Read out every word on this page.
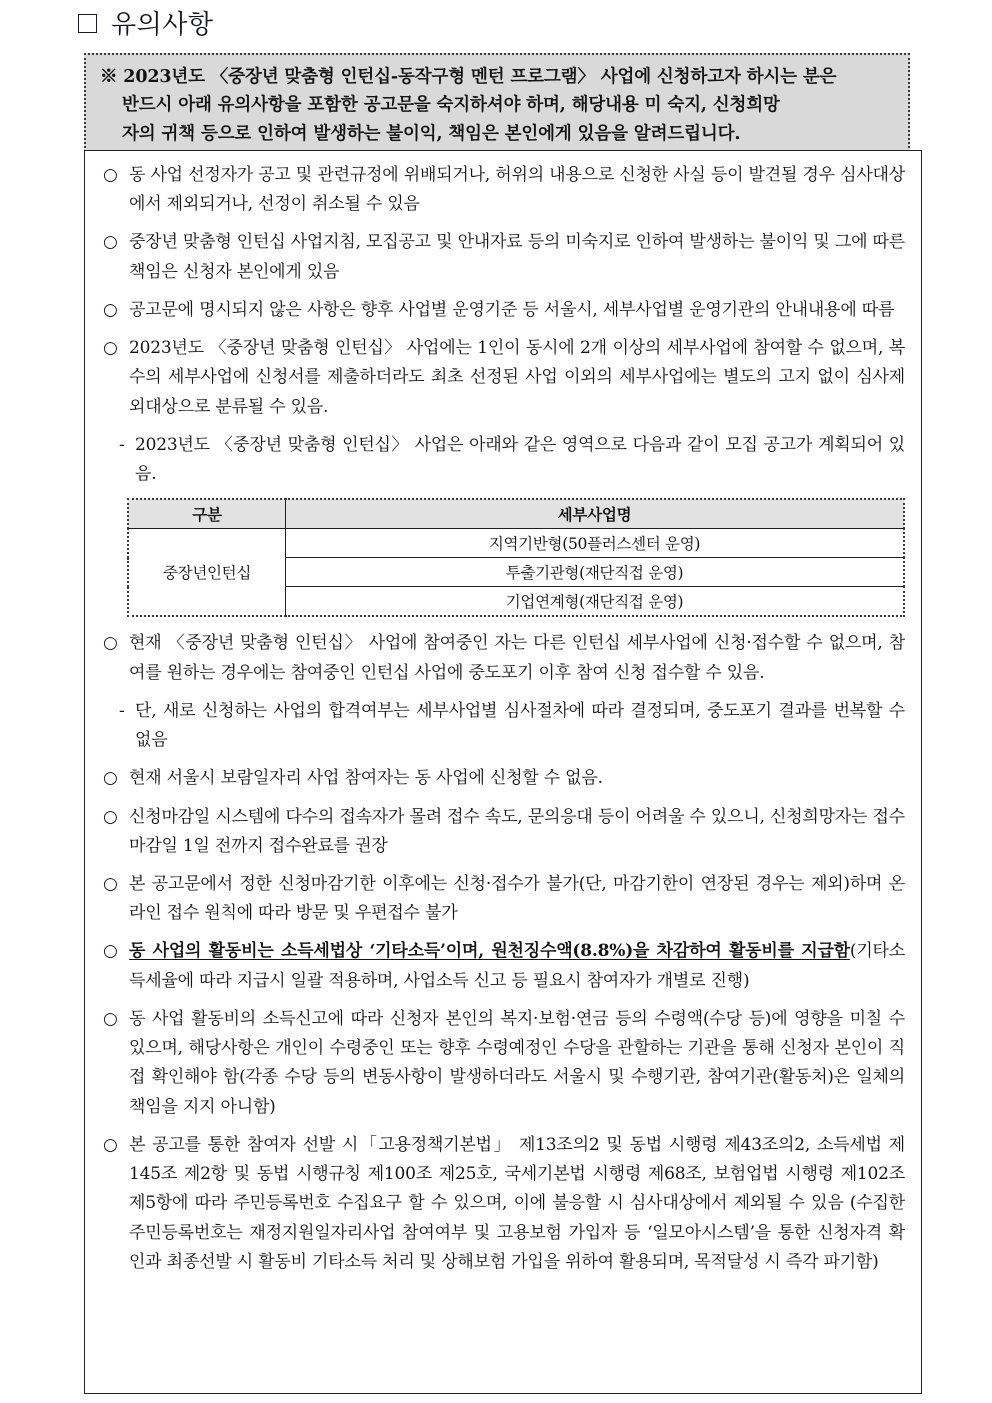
유의사항
※ 2023년도 〈중장년 맞춤형 인턴십-동작구형 멘턴 프로그램〉 사업에 신청하고자 하시는 분은
반드시 아래 유의사항을 포함한 공고문을 숙지하셔야 하며, 해당내용 미 숙지, 신청희망
자의 귀책 등으로 인하여 발생하는 불이익, 책임은 본인에게 있음을 알려드립니다.
○ 동 사업 선정자가 공고 및 관련규정에 위배되거나, 허위의 내용으로 신청한 사실 등이 발견될 경우 심사대상에서 제외되거나, 선정이 취소될 수 있음
○ 중장년 맞춤형 인턴십 사업지침, 모집공고 및 안내자료 등의 미숙지로 인하여 발생하는 불이익 및 그에 따른 책임은 신청자 본인에게 있음
○ 공고문에 명시되지 않은 사항은 향후 사업별 운영기준 등 서울시, 세부사업별 운영기관의 안내내용에 따름
○ 2023년도 〈중장년 맞춤형 인턴십〉 사업에는 1인이 동시에 2개 이상의 세부사업에 참여할 수 없으며, 복수의 세부사업에 신청서를 제출하더라도 최초 선정된 사업 이외의 세부사업에는 별도의 고지 없이 심사제외대상으로 분류될 수 있음.
- 2023년도 〈중장년 맞춤형 인턴십〉 사업은 아래와 같은 영역으로 다음과 같이 모집 공고가 계획되어 있음.
구분	세부사업명
중장년인턴십	지역기반형(50플러스센터 운영)
	투출기관형(재단직접 운영)
	기업연계형(재단직접 운영)
○ 현재 〈중장년 맞춤형 인턴십〉 사업에 참여중인 자는 다른 인턴십 세부사업에 신청·접수할 수 없으며, 참여를 원하는 경우에는 참여중인 인턴십 사업에 중도포기 이후 참여 신청 접수할 수 있음.
- 단, 새로 신청하는 사업의 합격여부는 세부사업별 심사절차에 따라 결정되며, 중도포기 결과를 번복할 수 없음
○ 현재 서울시 보람일자리 사업 참여자는 동 사업에 신청할 수 없음.
○ 신청마감일 시스템에 다수의 접속자가 몰려 접수 속도, 문의응대 등이 어려울 수 있으니, 신청희망자는 접수마감일 1일 전까지 접수완료를 권장
○ 본 공고문에서 정한 신청마감기한 이후에는 신청·접수가 불가(단, 마감기한이 연장된 경우는 제외)하며 온라인 접수 원칙에 따라 방문 및 우편접수 불가
○ 동 사업의 활동비는 소득세법상 ‘기타소득’이며, 원천징수액(8.8%)을 차감하여 활동비를 지급함(기타소득세율에 따라 지급시 일괄 적용하며, 사업소득 신고 등 필요시 참여자가 개별로 진행)
○ 동 사업 활동비의 소득신고에 따라 신청자 본인의 복지·보험·연금 등의 수령액(수당 등)에 영향을 미칠 수 있으며, 해당사항은 개인이 수령중인 또는 향후 수령예정인 수당을 관할하는 기관을 통해 신청자 본인이 직접 확인해야 함(각종 수당 등의 변동사항이 발생하더라도 서울시 및 수행기관, 참여기관(활동처)은 일체의 책임을 지지 아니함)
○ 본 공고를 통한 참여자 선발 시「고용정책기본법」 제13조의2 및 동법 시행령 제43조의2, 소득세법 제145조 제2항 및 동법 시행규칭 제100조 제25호, 국세기본법 시행령 제68조, 보험업법 시행령 제102조 제5항에 따라 주민등록번호 수집요구 할 수 있으며, 이에 불응할 시 심사대상에서 제외될 수 있음 (수집한 주민등록번호는 재정지원일자리사업 참여여부 및 고용보험 가입자 등 ‘일모아시스템’을 통한 신청자격 확인과 최종선발 시 활동비 기타소득 처리 및 상해보험 가입을 위하여 활용되며, 목적달성 시 즉각 파기함)
